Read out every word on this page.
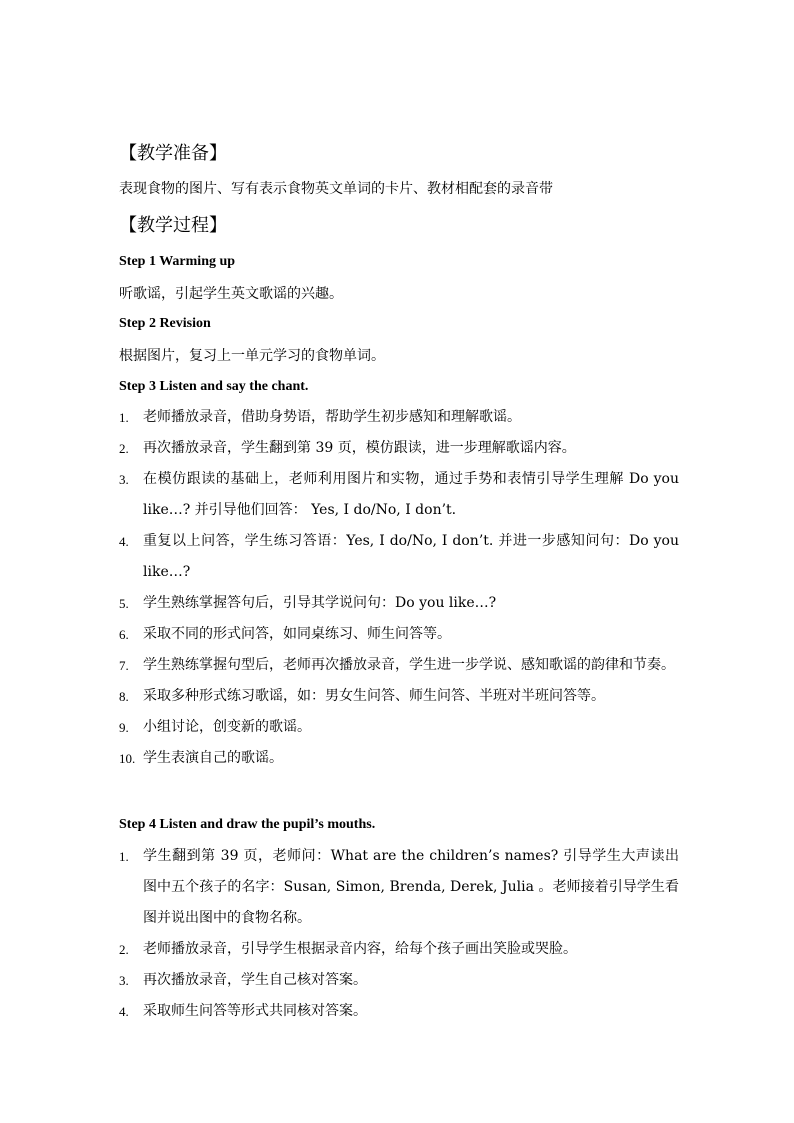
【教学准备】
表现食物的图片、写有表示食物英文单词的卡片、教材相配套的录音带
【教学过程】
Step 1 Warming up
听歌谣，引起学生英文歌谣的兴趣。
Step 2 Revision
根据图片，复习上一单元学习的食物单词。
Step 3 Listen and say the chant.
1. 老师播放录音，借助身势语，帮助学生初步感知和理解歌谣。
2. 再次播放录音，学生翻到第 39 页，模仿跟读，进一步理解歌谣内容。
3. 在模仿跟读的基础上，老师利用图片和实物，通过手势和表情引导学生理解 Do you like…? 并引导他们回答： Yes, I do/No, I don’t.
4. 重复以上问答，学生练习答语：Yes, I do/No, I don’t. 并进一步感知问句：Do you like…?
5. 学生熟练掌握答句后，引导其学说问句：Do you like…?
6. 采取不同的形式问答，如同桌练习、师生问答等。
7. 学生熟练掌握句型后，老师再次播放录音，学生进一步学说、感知歌谣的韵律和节奏。
8. 采取多种形式练习歌谣，如：男女生问答、师生问答、半班对半班问答等。
9. 小组讨论，创变新的歌谣。
10. 学生表演自己的歌谣。
Step 4 Listen and draw the pupil’s mouths.
1. 学生翻到第 39 页，老师问：What are the children’s names? 引导学生大声读出图中五个孩子的名字：Susan, Simon, Brenda, Derek, Julia 。老师接着引导学生看图并说出图中的食物名称。
2. 老师播放录音，引导学生根据录音内容，给每个孩子画出笑脸或哭脸。
3. 再次播放录音，学生自己核对答案。
4. 采取师生问答等形式共同核对答案。
